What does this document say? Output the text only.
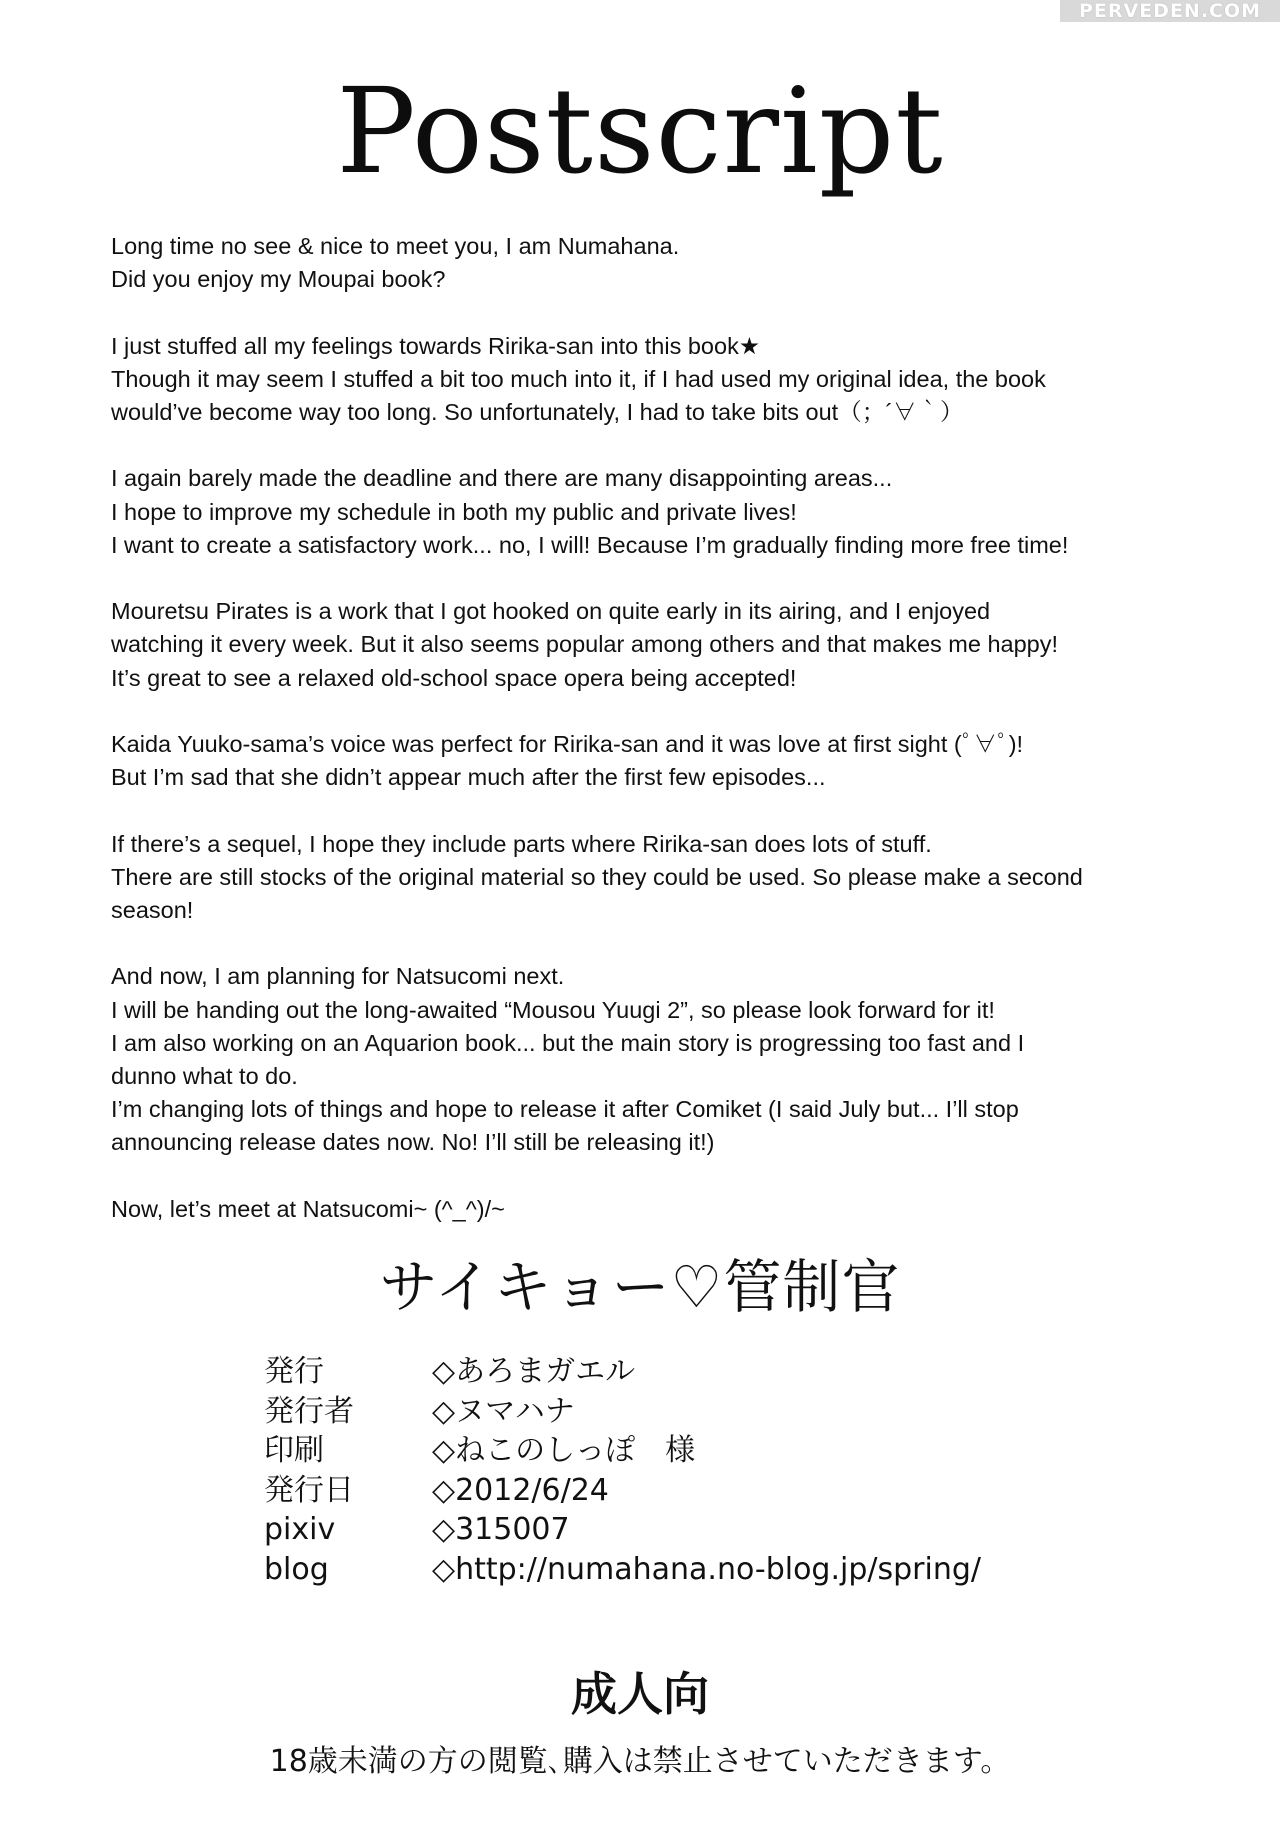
PERVEDEN.COM
Postscript
Long time no see & nice to meet you, I am Numahana.
Did you enjoy my Moupai book?
I just stuffed all my feelings towards Ririka-san into this book★
Though it may seem I stuffed a bit too much into it, if I had used my original idea, the book
would’ve become way too long. So unfortunately, I had to take bits out（；´∀｀）
I again barely made the deadline and there are many disappointing areas...
I hope to improve my schedule in both my public and private lives!
I want to create a satisfactory work... no, I will! Because I’m gradually finding more free time!
Mouretsu Pirates is a work that I got hooked on quite early in its airing, and I enjoyed
watching it every week. But it also seems popular among others and that makes me happy!
It’s great to see a relaxed old-school space opera being accepted!
Kaida Yuuko-sama’s voice was perfect for Ririka-san and it was love at first sight (ﾟ∀ﾟ)!
But I’m sad that she didn’t appear much after the first few episodes...
If there’s a sequel, I hope they include parts where Ririka-san does lots of stuff.
There are still stocks of the original material so they could be used. So please make a second
season!
And now, I am planning for Natsucomi next.
I will be handing out the long-awaited “Mousou Yuugi 2”, so please look forward for it!
I am also working on an Aquarion book... but the main story is progressing too fast and I
dunno what to do.
I’m changing lots of things and hope to release it after Comiket (I said July but... I’ll stop
announcing release dates now. No! I’ll still be releasing it!)
Now, let’s meet at Natsucomi~ (^_^)/~
サイキョー♡管制官
発行	◇あろまガエル
発行者	◇ヌマハナ
印刷	◇ねこのしっぽ　様
発行日	◇2012/6/24
pixiv	◇315007
blog	◇http://numahana.no-blog.jp/spring/
成人向
18歳未満の方の閲覧､購入は禁止させていただきます。
